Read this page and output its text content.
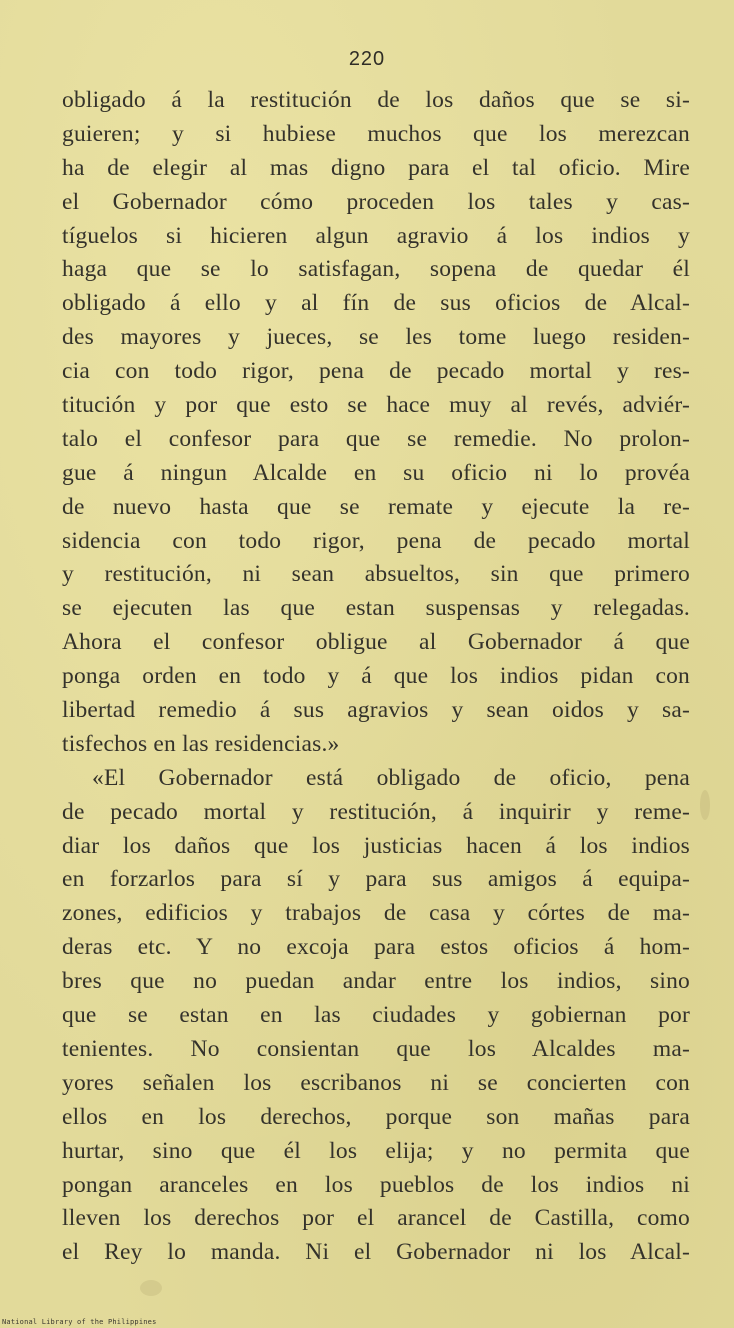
220
obligado á la restitución de los daños que se si-
guieren; y si hubiese muchos que los merezcan
ha de elegir al mas digno para el tal oficio. Mire
el Gobernador cómo proceden los tales y cas-
tíguelos si hicieren algun agravio á los indios y
haga que se lo satisfagan, sopena de quedar él
obligado á ello y al fín de sus oficios de Alcal-
des mayores y jueces, se les tome luego residen-
cia con todo rigor, pena de pecado mortal y res-
titución y por que esto se hace muy al revés, adviér-
talo el confesor para que se remedie. No prolon-
gue á ningun Alcalde en su oficio ni lo provéa
de nuevo hasta que se remate y ejecute la re-
sidencia con todo rigor, pena de pecado mortal
y restitución, ni sean absueltos, sin que primero
se ejecuten las que estan suspensas y relegadas.
Ahora el confesor obligue al Gobernador á que
ponga orden en todo y á que los indios pidan con
libertad remedio á sus agravios y sean oidos y sa-
tisfechos en las residencias.»
«El Gobernador está obligado de oficio, pena
de pecado mortal y restitución, á inquirir y reme-
diar los daños que los justicias hacen á los indios
en forzarlos para sí y para sus amigos á equipa-
zones, edificios y trabajos de casa y córtes de ma-
deras etc. Y no excoja para estos oficios á hom-
bres que no puedan andar entre los indios, sino
que se estan en las ciudades y gobiernan por
tenientes. No consientan que los Alcaldes ma-
yores señalen los escribanos ni se concierten con
ellos en los derechos, porque son mañas para
hurtar, sino que él los elija; y no permita que
pongan aranceles en los pueblos de los indios ni
lleven los derechos por el arancel de Castilla, como
el Rey lo manda. Ni el Gobernador ni los Alcal-
National Library of the Philippines
